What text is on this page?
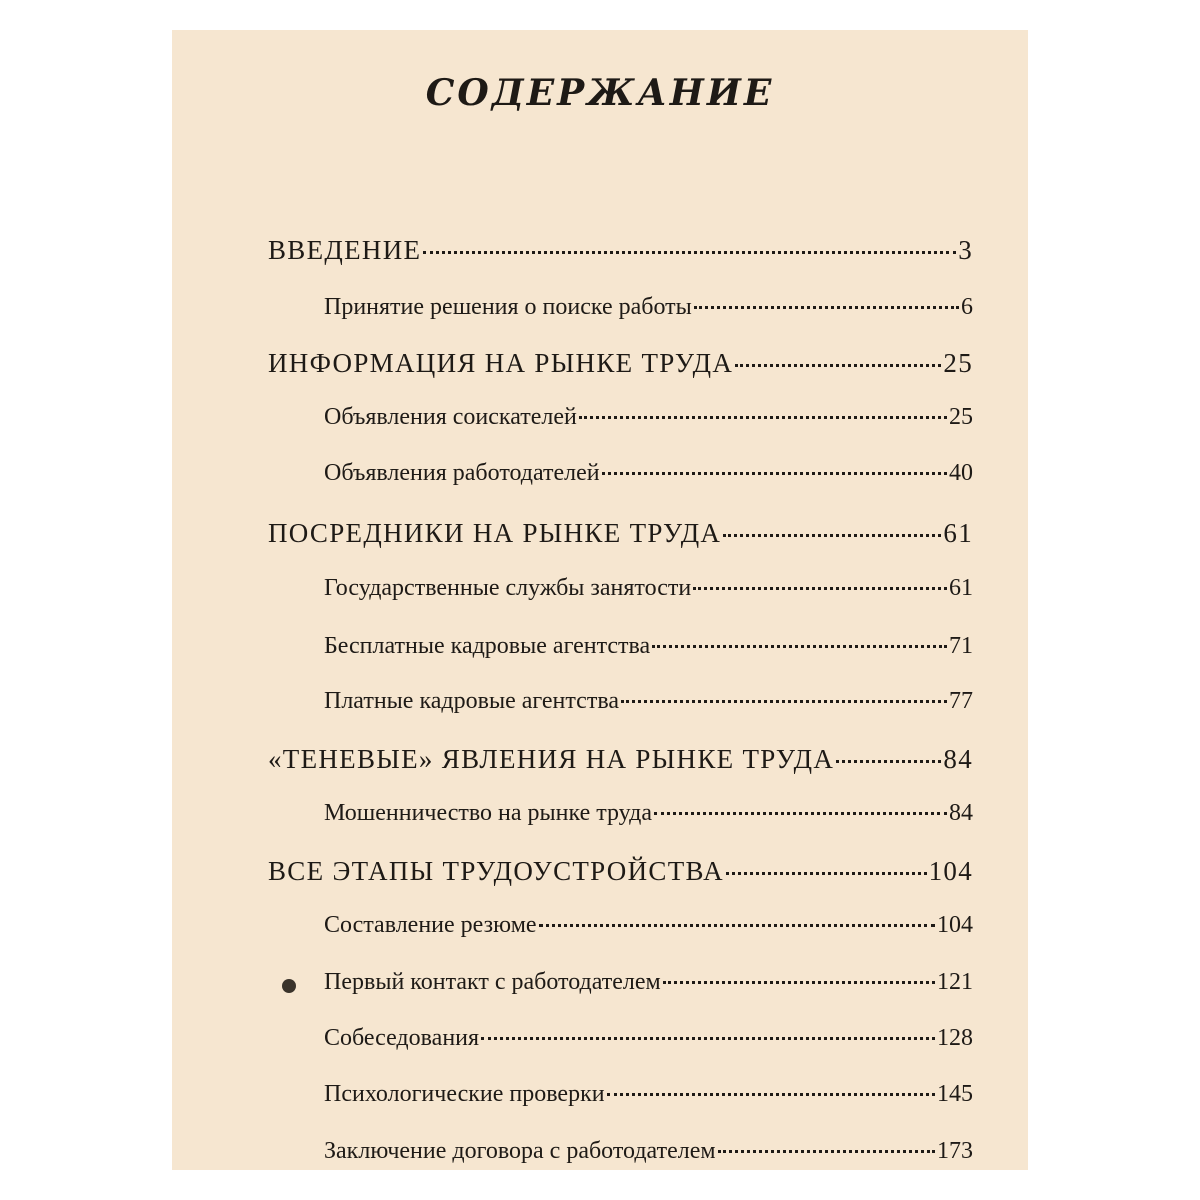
СОДЕРЖАНИЕ
ВВЕДЕНИЕ	3
Принятие решения о поиске работы	6
ИНФОРМАЦИЯ НА РЫНКЕ ТРУДА	25
Объявления соискателей	25
Объявления работодателей	40
ПОСРЕДНИКИ НА РЫНКЕ ТРУДА	61
Государственные службы занятости	61
Бесплатные кадровые агентства	71
Платные кадровые агентства	77
«ТЕНЕВЫЕ» ЯВЛЕНИЯ НА РЫНКЕ ТРУДА	84
Мошенничество на рынке труда	84
ВСЕ ЭТАПЫ ТРУДОУСТРОЙСТВА	104
Составление резюме	104
Первый контакт с работодателем	121
Собеседования	128
Психологические проверки	145
Заключение договора с работодателем	173
